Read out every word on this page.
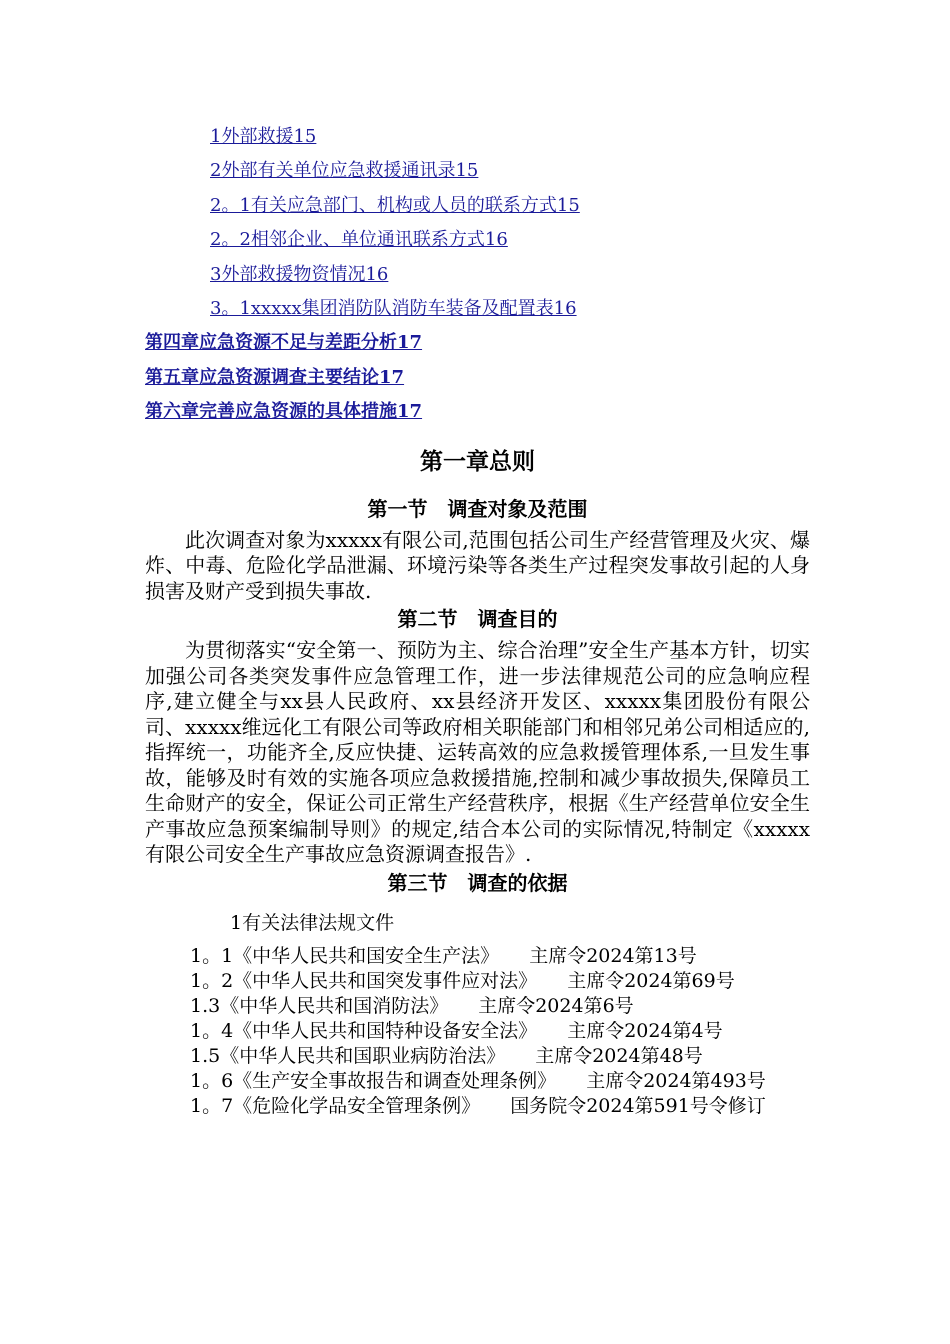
1外部救援15
2外部有关单位应急救援通讯录15
2。1有关应急部门、机构或人员的联系方式15
2。2相邻企业、单位通讯联系方式16
3外部救援物资情况16
3。1xxxxx集团消防队消防车装备及配置表16
第四章应急资源不足与差距分析17
第五章应急资源调查主要结论17
第六章完善应急资源的具体措施17
第一章总则
第一节　调查对象及范围

此次调查对象为xxxxx有限公司,范围包括公司生产经营管理及火灾、爆炸、中毒、危险化学品泄漏、环境污染等各类生产过程突发事故引起的人身损害及财产受到损失事故.

第二节　调查目的

为贯彻落实“安全第一、预防为主、综合治理”安全生产基本方针，切实加强公司各类突发事件应急管理工作，进一步法律规范公司的应急响应程序,建立健全与xx县人民政府、xx县经济开发区、xxxxx集团股份有限公司、xxxxx维远化工有限公司等政府相关职能部门和相邻兄弟公司相适应的,指挥统一，功能齐全,反应快捷、运转高效的应急救援管理体系,一旦发生事故，能够及时有效的实施各项应急救援措施,控制和减少事故损失,保障员工生命财产的安全，保证公司正常生产经营秩序，根据《生产经营单位安全生产事故应急预案编制导则》的规定,结合本公司的实际情况,特制定《xxxxx有限公司安全生产事故应急资源调查报告》.

第三节　调查的依据
1有关法律法规文件

1。1《中华人民共和国安全生产法》 主席令2024第13号

1。2《中华人民共和国突发事件应对法》 主席令2024第69号

1.3《中华人民共和国消防法》 主席令2024第6号

1。4《中华人民共和国特种设备安全法》 主席令2024第4号

1.5《中华人民共和国职业病防治法》 主席令2024第48号

1。6《生产安全事故报告和调查处理条例》 主席令2024第493号

1。7《危险化学品安全管理条例》 国务院令2024第591号令修订
